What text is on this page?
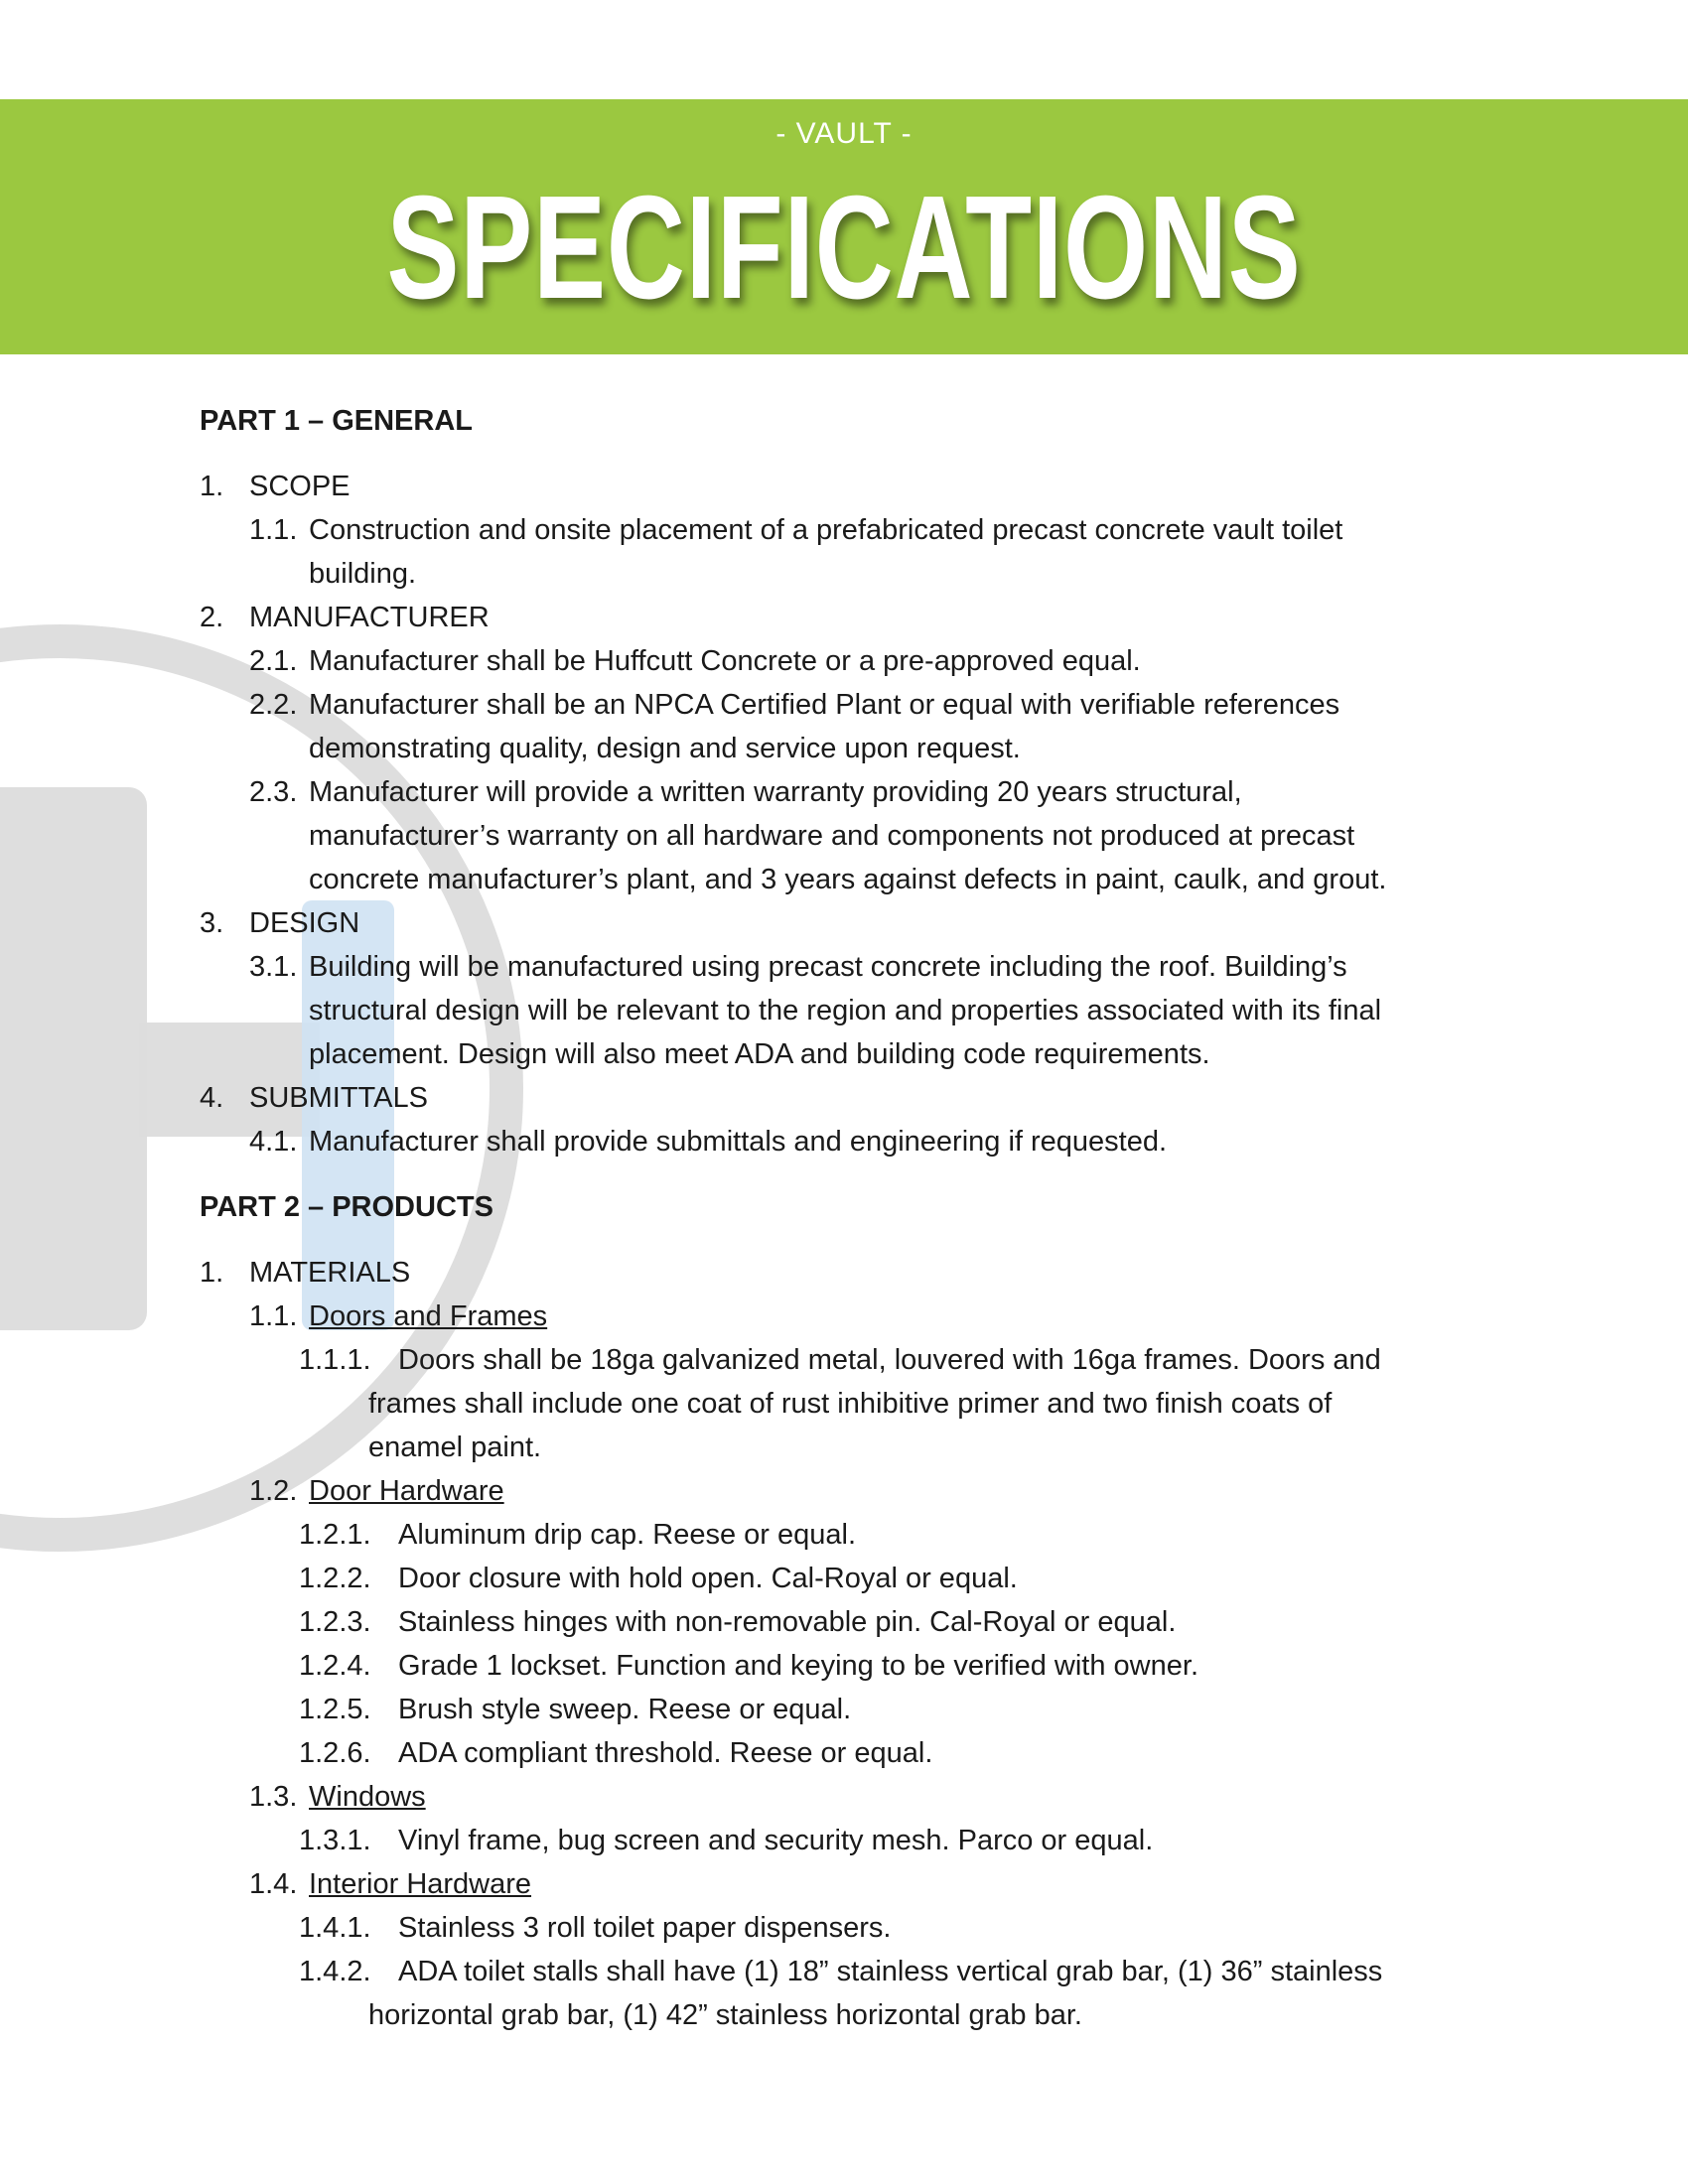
- VAULT -
SPECIFICATIONS
PART 1 – GENERAL
1. SCOPE
1.1. Construction and onsite placement of a prefabricated precast concrete vault toilet
building.
2. MANUFACTURER
2.1. Manufacturer shall be Huffcutt Concrete or a pre-approved equal.
2.2. Manufacturer shall be an NPCA Certified Plant or equal with verifiable references
demonstrating quality, design and service upon request.
2.3. Manufacturer will provide a written warranty providing 20 years structural,
manufacturer’s warranty on all hardware and components not produced at precast
concrete manufacturer’s plant, and 3 years against defects in paint, caulk, and grout.
3. DESIGN
3.1. Building will be manufactured using precast concrete including the roof. Building’s
structural design will be relevant to the region and properties associated with its final
placement. Design will also meet ADA and building code requirements.
4. SUBMITTALS
4.1. Manufacturer shall provide submittals and engineering if requested.
PART 2 – PRODUCTS
1. MATERIALS
1.1. Doors and Frames
1.1.1. Doors shall be 18ga galvanized metal, louvered with 16ga frames. Doors and
frames shall include one coat of rust inhibitive primer and two finish coats of
enamel paint.
1.2. Door Hardware
1.2.1. Aluminum drip cap. Reese or equal.
1.2.2. Door closure with hold open. Cal-Royal or equal.
1.2.3. Stainless hinges with non-removable pin. Cal-Royal or equal.
1.2.4. Grade 1 lockset. Function and keying to be verified with owner.
1.2.5. Brush style sweep. Reese or equal.
1.2.6. ADA compliant threshold. Reese or equal.
1.3. Windows
1.3.1. Vinyl frame, bug screen and security mesh. Parco or equal.
1.4. Interior Hardware
1.4.1. Stainless 3 roll toilet paper dispensers.
1.4.2. ADA toilet stalls shall have (1) 18” stainless vertical grab bar, (1) 36” stainless
horizontal grab bar, (1) 42” stainless horizontal grab bar.
